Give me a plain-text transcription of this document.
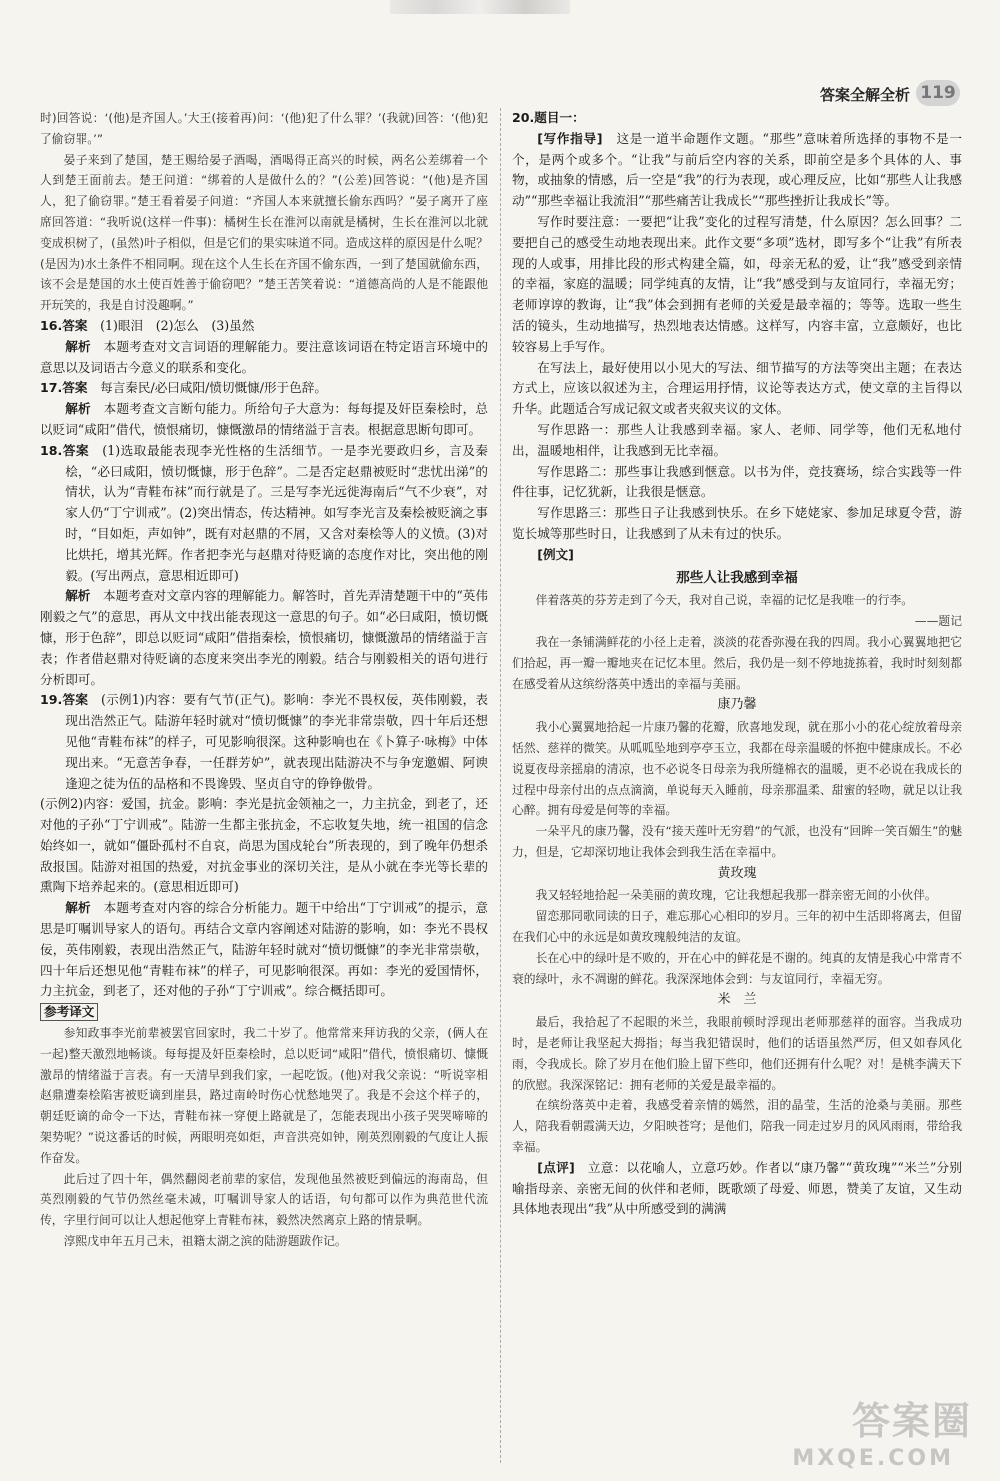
答案全解全析 119

时)回答说：‘(他)是齐国人。’大王(接着再)问：‘(他)犯了什么罪？’(我就)回答：‘(他)犯了偷窃罪。’”

晏子来到了楚国，楚王赐给晏子酒喝，酒喝得正高兴的时候，两名公差绑着一个人到楚王面前去。楚王问道：“绑着的人是做什么的？”(公差)回答说：“(他)是齐国人，犯了偷窃罪。”楚王看着晏子问道：“齐国人本来就擅长偷东西吗？”晏子离开了座席回答道：“我听说(这样一件事)：橘树生长在淮河以南就是橘树，生长在淮河以北就变成枳树了，(虽然)叶子相似，但是它们的果实味道不同。造成这样的原因是什么呢？(是因为)水土条件不相同啊。现在这个人生长在齐国不偷东西，一到了楚国就偷东西，该不会是楚国的水土使百姓善于偷窃吧？”楚王苦笑着说：“道德高尚的人是不能跟他开玩笑的，我是自讨没趣啊。”

16.答案　 (1)眼泪　(2)怎么　(3)虽然

解析　 本题考查对文言词语的理解能力。要注意该词语在特定语言环境中的意思以及词语古今意义的联系和变化。

17.答案　 每言秦民/必曰咸阳/愤切慨慷/形于色辞。

解析　 本题考查文言断句能力。所给句子大意为：每每提及奸臣秦桧时，总以贬词“咸阳”借代，愤恨痛切，慷慨激昂的情绪溢于言表。根据意思断句即可。

18.答案　 (1)选取最能表现李光性格的生活细节。一是李光要政归乡，言及秦桧，“必曰咸阳，愤切慨慷，形于色辞”。二是否定赵鼎被贬时“悲忧出涕”的情状，认为“青鞋布袜”而行就是了。三是写李光远徙海南后“气不少衰”，对家人仍“丁宁训戒”。(2)突出情态，传达精神。如写李光言及秦桧被贬滴之事时，“目如炬，声如钟”，既有对赵鼎的不屑，又含对秦桧等人的义愤。(3)对比烘托，增其光辉。作者把李光与赵鼎对待贬谪的态度作对比，突出他的刚毅。(写出两点，意思相近即可)

解析　 本题考查对文章内容的理解能力。解答时，首先弄清楚题干中的“英伟刚毅之气”的意思，再从文中找出能表现这一意思的句子。如“必曰咸阳，愤切慨慷，形于色辞”，即总以贬词“咸阳”借指秦桧，愤恨痛切，慷慨激昂的情绪溢于言表；作者借赵鼎对待贬谪的态度来突出李光的刚毅。结合与刚毅相关的语句进行分析即可。

19.答案　 (示例1)内容：要有气节(正气)。影响：李光不畏权佞，英伟刚毅，表现出浩然正气。陆游年轻时就对“愤切慨慷”的李光非常崇敬，四十年后还想见他“青鞋布袜”的样子，可见影响很深。这种影响也在《卜算子·咏梅》中体现出来。“无意苦争春，一任群芳妒”，就表现出陆游决不与争宠邀媚、阿谀逢迎之徒为伍的品格和不畏谗毁、坚贞自守的铮铮傲骨。

(示例2)内容：爱国，抗金。影响：李光是抗金领袖之一，力主抗金，到老了，还对他的子孙“丁宁训戒”。陆游一生都主张抗金，不忘收复失地，统一祖国的信念始终如一，就如“僵卧孤村不自哀，尚思为国戍轮台”所表现的，到了晚年仍想杀敌报国。陆游对祖国的热爱，对抗金事业的深切关注，是从小就在李光等长辈的熏陶下培养起来的。(意思相近即可)

解析　 本题考查对内容的综合分析能力。题干中给出“丁宁训戒”的提示，意思是叮嘱训导家人的语句。再结合文章内容阐述对陆游的影响，如：李光不畏权佞，英伟刚毅，表现出浩然正气，陆游年轻时就对“愤切慨慷”的李光非常崇敬，四十年后还想见他“青鞋布袜”的样子，可见影响很深。再如：李光的爱国情怀，力主抗金，到老了，还对他的子孙“丁宁训戒”。综合概括即可。

参考译文

参知政事李光前辈被罢官回家时，我二十岁了。他常常来拜访我的父亲，(俩人在一起)整天激烈地畅谈。每每提及奸臣秦桧时，总以贬词“咸阳”借代，愤恨痛切、慷慨激昂的情绪溢于言表。有一天清早到我们家，一起吃饭。(他)对我父亲说：“听说宰相赵鼎遭秦桧陷害被贬谪到崖县，路过南岭时伤心忧愁地哭了。我是不会这个样子的，朝廷贬谪的命令一下达，青鞋布袜一穿便上路就是了，怎能表现出小孩子哭哭啼啼的架势呢？”说这番话的时候，两眼明亮如炬，声音洪亮如钟，刚英烈刚毅的气度让人振作奋发。

此后过了四十年，偶然翻阅老前辈的家信，发现他虽然被贬到偏远的海南岛，但英烈刚毅的气节仍然丝毫未减，叮嘱训导家人的话语，句句都可以作为典范世代流传，字里行间可以让人想起他穿上青鞋布袜，毅然决然离京上路的情景啊。

淳熙戊申年五月己未，祖籍太湖之滨的陆游题跋作记。

20.题目一：　

[写作指导]　 这是一道半命题作文题。“那些”意味着所选择的事物不是一个，是两个或多个。“让我”与前后空内容的关系，即前空是多个具体的人、事物，或抽象的情感，后一空是“我”的行为表现，或心理反应，比如“那些人让我感动”“那些幸福让我流泪”“那些痛苦让我成长”“那些挫折让我成长”等。

写作时要注意：一要把“让我”变化的过程写清楚，什么原因？怎么回事？二要把自己的感受生动地表现出来。此作文要“多项”选材，即写多个“让我”有所表现的人或事，用排比段的形式构建全篇，如，母亲无私的爱，让“我”感受到亲情的幸福，家庭的温暖；同学纯真的友情，让“我”感受到与友谊同行，幸福无穷；老师谆谆的教诲，让“我”体会到拥有老师的关爱是最幸福的；等等。选取一些生活的镜头，生动地描写，热烈地表达情感。这样写，内容丰富，立意颇好，也比较容易上手写作。

在写法上，最好使用以小见大的写法、细节描写的方法等突出主题；在表达方式上，应该以叙述为主，合理运用抒情，议论等表达方式，使文章的主旨得以升华。此题适合写成记叙文或者夹叙夹议的文体。

写作思路一：那些人让我感到幸福。家人、老师、同学等，他们无私地付出，温暖地相伴，让我感到无比幸福。

写作思路二：那些事让我感到惬意。以书为伴，竞技赛场，综合实践等一件件往事，记忆犹新，让我很是惬意。

写作思路三：那些日子让我感到快乐。在乡下姥姥家、参加足球夏令营，游览长城等那些时日，让我感到了从未有过的快乐。

[例文]　

那些人让我感到幸福

伴着落英的芬芳走到了今天，我对自己说，幸福的记忆是我唯一的行李。

——题记

我在一条铺满鲜花的小径上走着，淡淡的花香弥漫在我的四周。我小心翼翼地把它们拾起，再一瓣一瓣地夹在记忆本里。然后，我仍是一刻不停地拢拣着，我时时刻刻都在感受着从这缤纷落英中透出的幸福与美丽。

康乃馨

我小心翼翼地拾起一片康乃馨的花瓣，欣喜地发现，就在那小小的花心绽放着母亲恬然、慈祥的微笑。从呱呱坠地到亭亭玉立，我都在母亲温暖的怀抱中健康成长。不必说夏夜母亲摇扇的清凉，也不必说冬日母亲为我所缝棉衣的温暖，更不必说在我成长的过程中母亲付出的点点滴滴，单说每天入睡前，母亲那温柔、甜蜜的轻吻，就足以让我心醉。拥有母爱是何等的幸福。

一朵平凡的康乃馨，没有“接天莲叶无穷碧”的气派，也没有“回眸一笑百媚生”的魅力，但是，它却深切地让我体会到我生活在幸福中。

黄玫瑰

我又轻轻地拾起一朵美丽的黄玫瑰，它让我想起我那一群亲密无间的小伙伴。

留恋那同歌同读的日子，难忘那心心相印的岁月。三年的初中生活即将离去，但留在我们心中的永远是如黄玫瑰般纯洁的友谊。

长在心中的绿叶是不败的，开在心中的鲜花是不谢的。纯真的友情是我心中常青不衰的绿叶，永不凋谢的鲜花。我深深地体会到：与友谊同行，幸福无穷。

米　兰

最后，我拾起了不起眼的米兰，我眼前顿时浮现出老师那慈祥的面容。当我成功时，是老师让我坚起大拇指；每当我犯错误时，他们的话语虽然严厉，但又如春风化雨，令我成长。除了岁月在他们脸上留下些印，他们还拥有什么呢？对！是桃李满天下的欣慰。我深深铭记：拥有老师的关爱是最幸福的。

在缤纷落英中走着，我感受着亲情的嫣然，泪的晶莹，生活的沧桑与美丽。那些人，陪我看朝霞满天边，夕阳映苍穹；是他们，陪我一同走过岁月的风风雨雨，带给我幸福。

[点评]　 立意：以花喻人，立意巧妙。作者以“康乃馨”“黄玫瑰”“米兰”分别喻指母亲、亲密无间的伙伴和老师，既歌颂了母爱、师恩，赞美了友谊，又生动具体地表现出“我”从中所感受到的满满

答案圈
MXQE.COM
